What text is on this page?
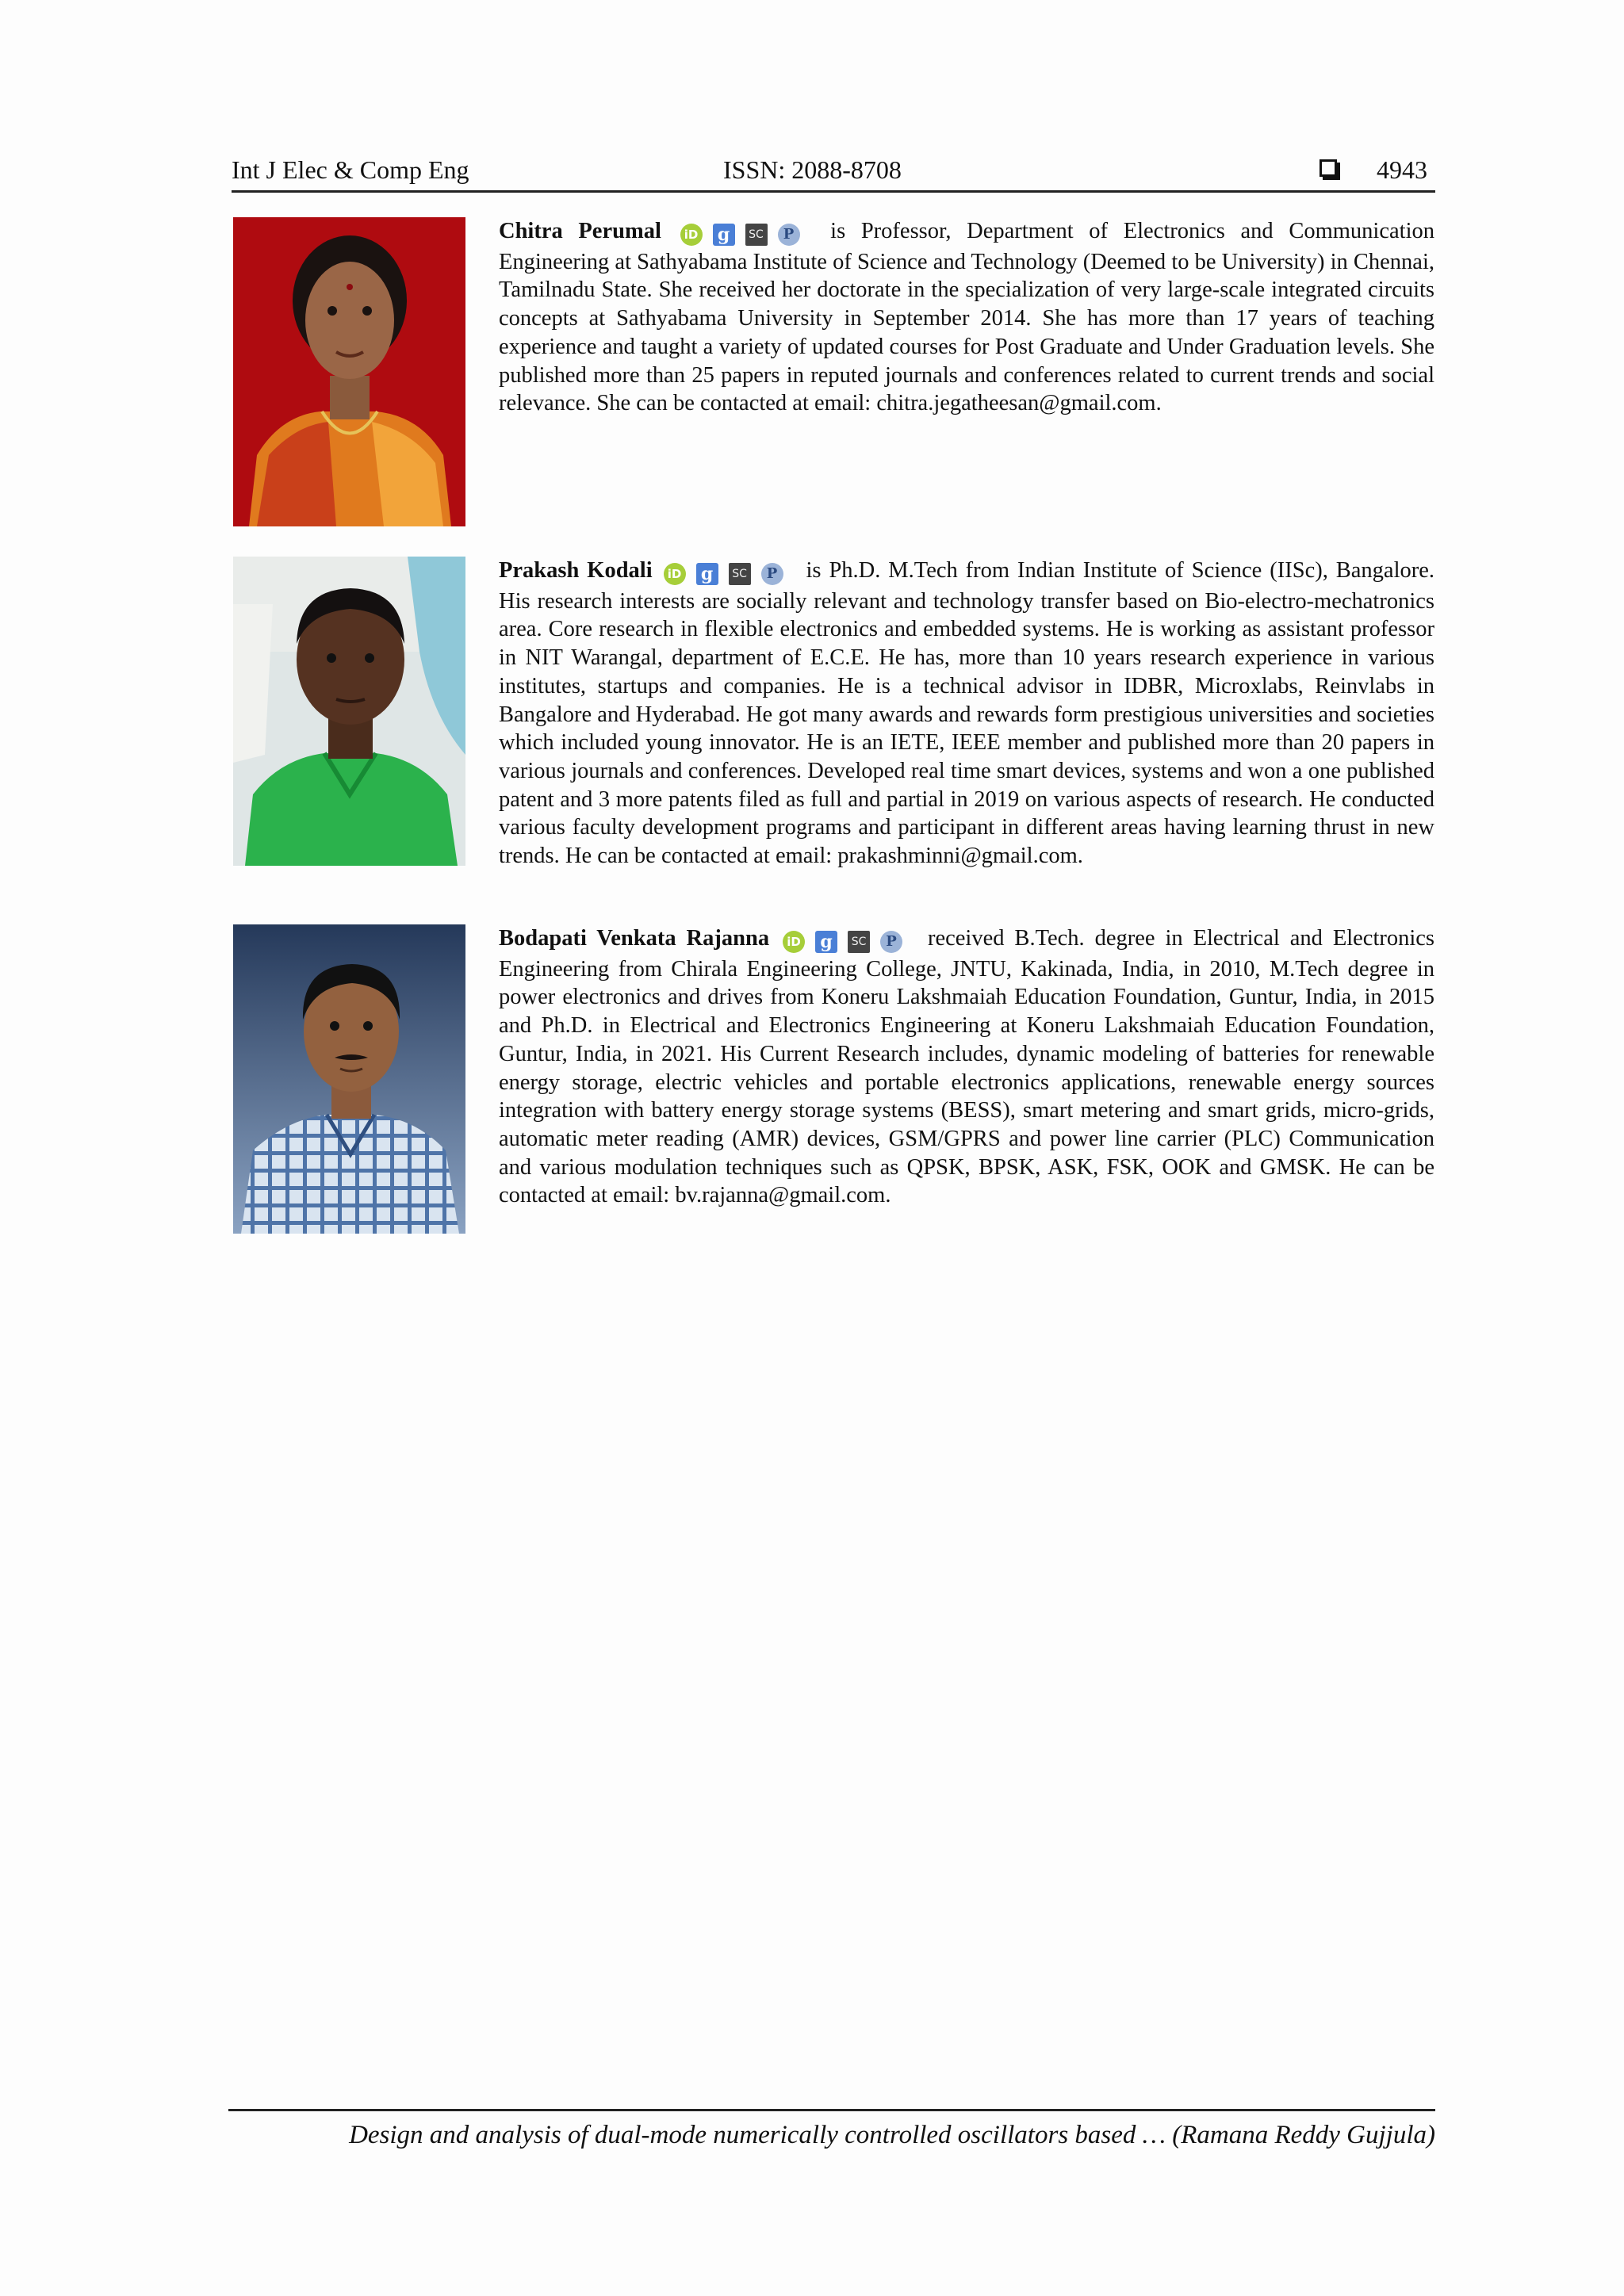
Int J Elec & Comp Eng	ISSN: 2088-8708	4943
Chitra Perumal iD g SC P is Professor, Department of Electronics and Communication Engineering at Sathyabama Institute of Science and Technology (Deemed to be University) in Chennai, Tamilnadu State. She received her doctorate in the specialization of very large-scale integrated circuits concepts at Sathyabama University in September 2014. She has more than 17 years of teaching experience and taught a variety of updated courses for Post Graduate and Under Graduation levels. She published more than 25 papers in reputed journals and conferences related to current trends and social relevance. She can be contacted at email: chitra.jegatheesan@gmail.com.
Prakash Kodali iD g SC P is Ph.D. M.Tech from Indian Institute of Science (IISc), Bangalore. His research interests are socially relevant and technology transfer based on Bio-electro-mechatronics area. Core research in flexible electronics and embedded systems. He is working as assistant professor in NIT Warangal, department of E.C.E. He has, more than 10 years research experience in various institutes, startups and companies. He is a technical advisor in IDBR, Microxlabs, Reinvlabs in Bangalore and Hyderabad. He got many awards and rewards form prestigious universities and societies which included young innovator. He is an IETE, IEEE member and published more than 20 papers in various journals and conferences. Developed real time smart devices, systems and won a one published patent and 3 more patents filed as full and partial in 2019 on various aspects of research. He conducted various faculty development programs and participant in different areas having learning thrust in new trends. He can be contacted at email: prakashminni@gmail.com.
Bodapati Venkata Rajanna iD g SC P received B.Tech. degree in Electrical and Electronics Engineering from Chirala Engineering College, JNTU, Kakinada, India, in 2010, M.Tech degree in power electronics and drives from Koneru Lakshmaiah Education Foundation, Guntur, India, in 2015 and Ph.D. in Electrical and Electronics Engineering at Koneru Lakshmaiah Education Foundation, Guntur, India, in 2021. His Current Research includes, dynamic modeling of batteries for renewable energy storage, electric vehicles and portable electronics applications, renewable energy sources integration with battery energy storage systems (BESS), smart metering and smart grids, micro-grids, automatic meter reading (AMR) devices, GSM/GPRS and power line carrier (PLC) Communication and various modulation techniques such as QPSK, BPSK, ASK, FSK, OOK and GMSK. He can be contacted at email: bv.rajanna@gmail.com.
Design and analysis of dual-mode numerically controlled oscillators based … (Ramana Reddy Gujjula)
